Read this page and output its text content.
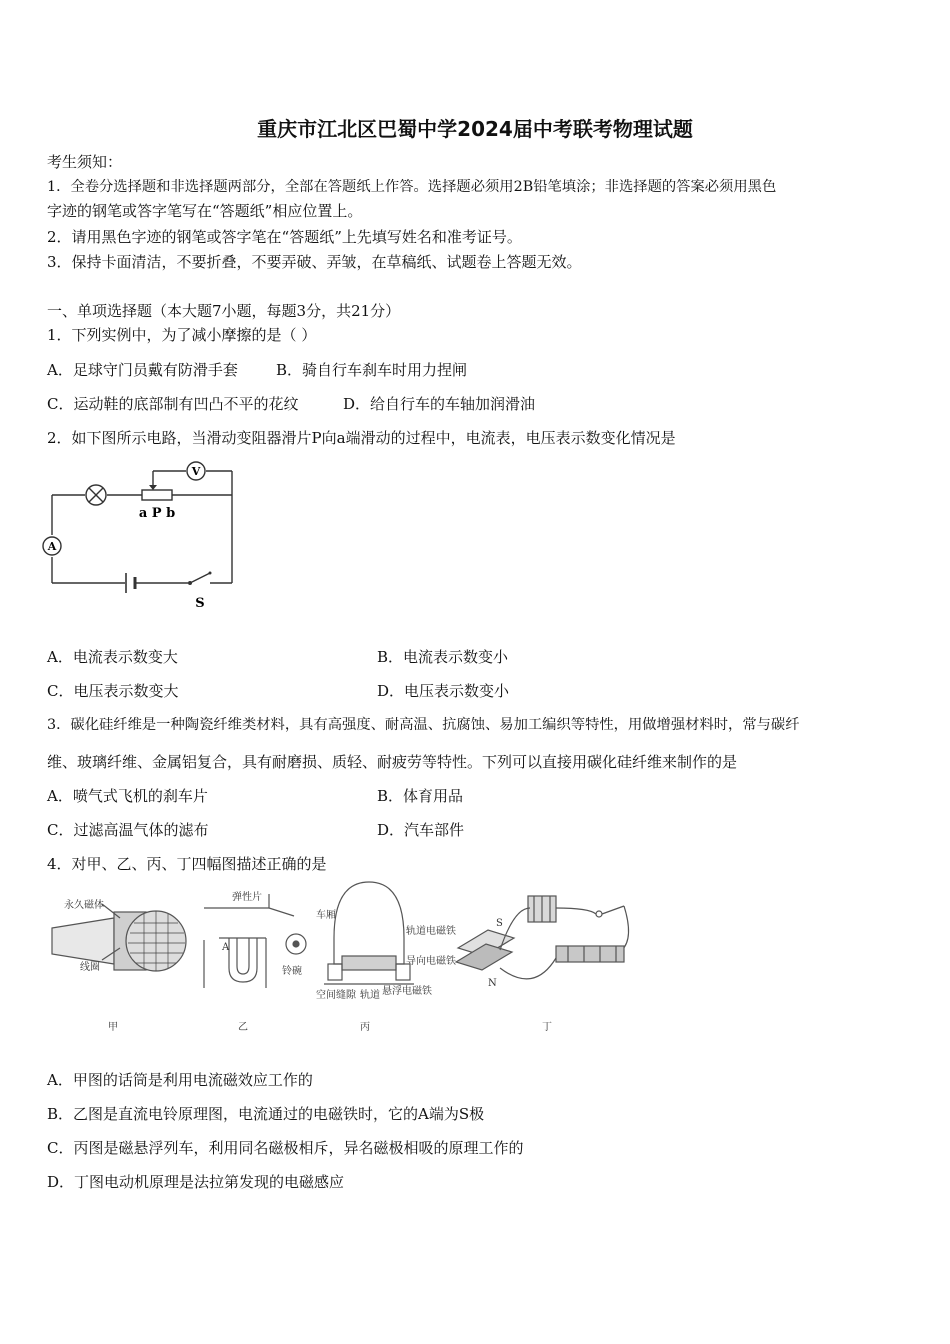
重庆市江北区巴蜀中学2024届中考联考物理试题
考生须知：
1．全卷分选择题和非选择题两部分，全部在答题纸上作答。选择题必须用2B铅笔填涂；非选择题的答案必须用黑色
字迹的钢笔或答字笔写在“答题纸”相应位置上。
2．请用黑色字迹的钢笔或答字笔在“答题纸”上先填写姓名和准考证号。
3．保持卡面清洁，不要折叠，不要弄破、弄皱，在草稿纸、试题卷上答题无效。
一、单项选择题（本大题7小题，每题3分，共21分）
1．下列实例中，为了减小摩擦的是（ ）
A．足球守门员戴有防滑手套	B．骑自行车刹车时用力捏闸
C．运动鞋的底部制有凹凸不平的花纹	D．给自行车的车轴加润滑油
2．如下图所示电路，当滑动变阻器滑片P向a端滑动的过程中，电流表，电压表示数变化情况是
V
A
a P b
S
A．电流表示数变大	B．电流表示数变小
C．电压表示数变大	D．电压表示数变小
3．碳化硅纤维是一种陶瓷纤维类材料，具有高强度、耐高温、抗腐蚀、易加工编织等特性，用做增强材料时，常与碳纤
维、玻璃纤维、金属铝复合，具有耐磨损、质轻、耐疲劳等特性。下列可以直接用碳化硅纤维来制作的是
A．喷气式飞机的刹车片	B．体育用品
C．过滤高温气体的滤布	D．汽车部件
4．对甲、乙、丙、丁四幅图描述正确的是
永久磁体
线圈
甲
弹性片
A
铃碗
乙
车厢
轨道电磁铁
导向电磁铁
空间缝隙 轨道 悬浮电磁铁
丙
S
N
丁
A．甲图的话筒是利用电流磁效应工作的
B．乙图是直流电铃原理图，电流通过的电磁铁时，它的A端为S极
C．丙图是磁悬浮列车，利用同名磁极相斥，异名磁极相吸的原理工作的
D．丁图电动机原理是法拉第发现的电磁感应
